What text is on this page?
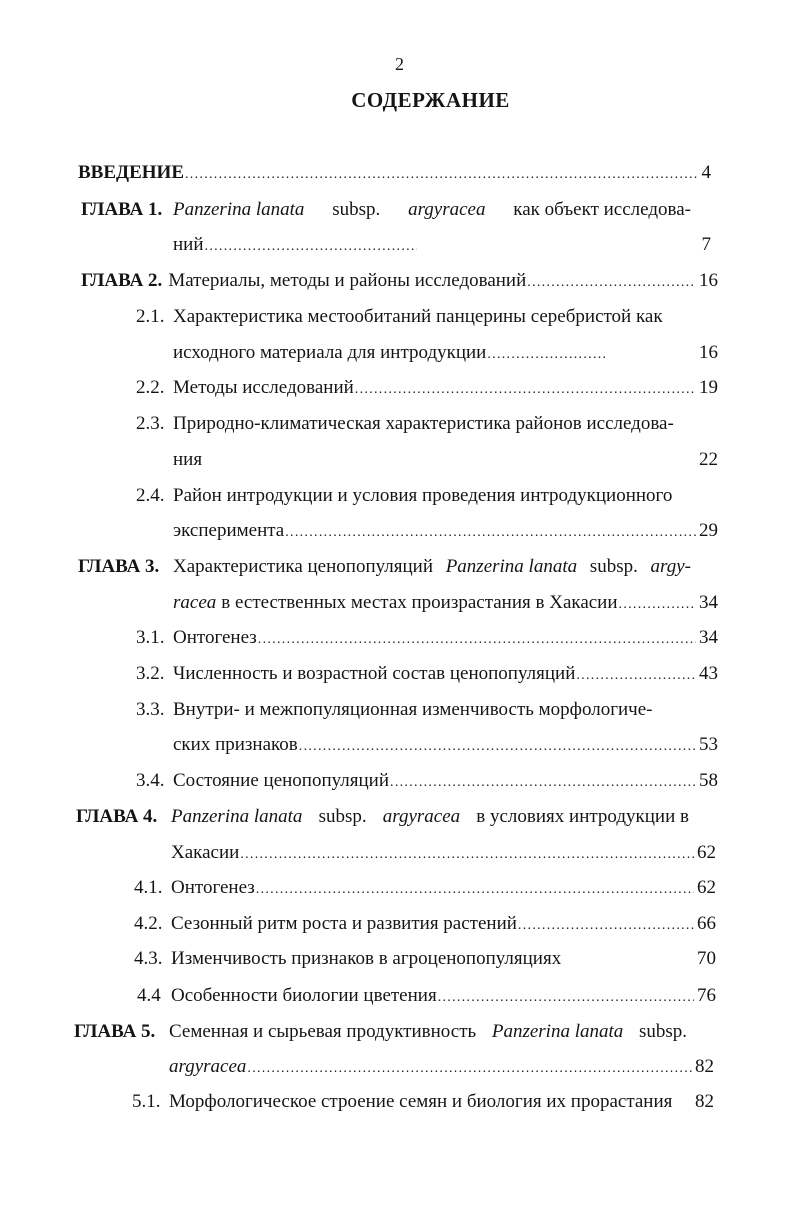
2
СОДЕРЖАНИЕ
ВВЕДЕНИЕ .....	4
ГЛАВА 1. Panzerina lanata subsp. argyracea как объект исследова-
ний .....	7
ГЛАВА 2. Материалы, методы и районы исследований .....	16
2.1. Характеристика местообитаний панцерины серебристой как
исходного материала для интродукции .....	16
2.2. Методы исследований .....	19
2.3. Природно-климатическая характеристика районов исследова-
ния	22
2.4. Район интродукции и условия проведения интродукционного
эксперимента .....	29
ГЛАВА 3. Характеристика ценопопуляций Panzerina lanata subsp. argy-
racea в естественных местах произрастания в Хакасии .....	34
3.1. Онтогенез .....	34
3.2. Численность и возрастной состав ценопопуляций .....	43
3.3. Внутри- и межпопуляционная изменчивость морфологиче-
ских признаков .....	53
3.4. Состояние ценопопуляций .....	58
ГЛАВА 4. Panzerina lanata subsp. argyracea в условиях интродукции в
Хакасии .....	62
4.1. Онтогенез .....	62
4.2. Сезонный ритм роста и развития растений .....	66
4.3. Изменчивость признаков в агроценопопуляциях	70
4.4 Особенности биологии цветения .....	76
ГЛАВА 5. Семенная и сырьевая продуктивность Panzerina lanata subsp.
argyracea .....	82
5.1. Морфологическое строение семян и биология их прорастания 82
